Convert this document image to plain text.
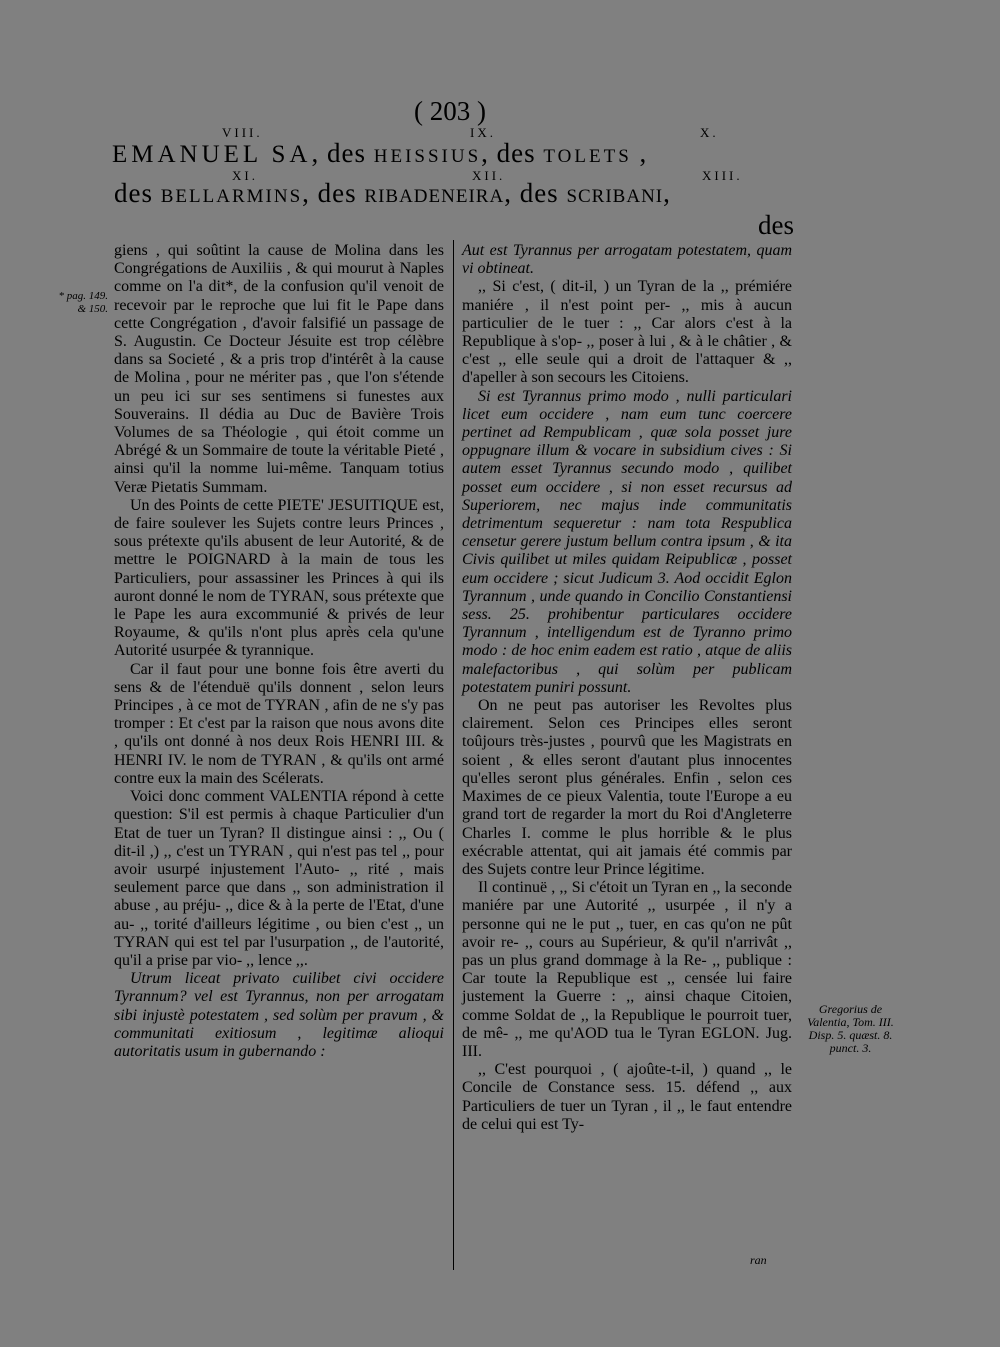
( 203 )
VIII.	IX.	X.
EMANUEL SA, des HEISSIUS, des TOLETS ,
XI.	XII.	XIII.
des BELLARMINS, des RIBADENEIRA, des SCRIBANI,
des
* pag. 149. & 150.
Gregorius de Valentia, Tom. III. Disp. 5. quæst. 8. punct. 3.

giens , qui soûtint la cause de Molina dans les Congrégations de Auxiliis , & qui mourut à Naples comme on l'a dit*, de la confusion qu'il venoit de recevoir par le reproche que lui fit le Pape dans cette Congrégation , d'avoir falsifié un passage de S. Augustin. Ce Docteur Jésuite est trop célèbre dans sa Societé , & a pris trop d'intérêt à la cause de Molina , pour ne mériter pas , que l'on s'étende un peu ici sur ses sentimens si funestes aux Souverains. Il dédia au Duc de Bavière Trois Volumes de sa Théologie , qui étoit comme un Abrégé & un Sommaire de toute la véritable Pieté , ainsi qu'il la nomme lui-même. Tanquam totius Veræ Pietatis Summam.

Un des Points de cette PIETE' JESUITIQUE est, de faire soulever les Sujets contre leurs Princes , sous prétexte qu'ils abusent de leur Autorité, & de mettre le POIGNARD à la main de tous les Particuliers, pour assassiner les Princes à qui ils auront donné le nom de TYRAN, sous prétexte que le Pape les aura excommunié & privés de leur Royaume, & qu'ils n'ont plus après cela qu'une Autorité usurpée & tyrannique.

Car il faut pour une bonne fois être averti du sens & de l'étenduë qu'ils donnent , selon leurs Principes , à ce mot de TYRAN , afin de ne s'y pas tromper : Et c'est par la raison que nous avons dite , qu'ils ont donné à nos deux Rois HENRI III. & HENRI IV. le nom de TYRAN , & qu'ils ont armé contre eux la main des Scélerats.

Voici donc comment VALENTIA répond à cette question: S'il est permis à chaque Particulier d'un Etat de tuer un Tyran? Il distingue ainsi : ,, Ou ( dit-il ,) ,, c'est un TYRAN , qui n'est pas tel ,, pour avoir usurpé injustement l'Auto- ,, rité , mais seulement parce que dans ,, son administration il abuse , au préju- ,, dice & à la perte de l'Etat, d'une au- ,, torité d'ailleurs légitime , ou bien c'est ,, un TYRAN qui est tel par l'usurpation ,, de l'autorité, qu'il a prise par vio- ,, lence ,,.

Utrum liceat privato cuilibet civi occidere Tyrannum? vel est Tyrannus, non per arrogatam sibi injustè potestatem , sed solùm per pravum , & communitati exitiosum , legitimæ alioqui autoritatis usum in gubernando :

Aut est Tyrannus per arrogatam potestatem, quam vi obtineat.

,, Si c'est, ( dit-il, ) un Tyran de la ,, prémiére maniére , il n'est point per- ,, mis à aucun particulier de le tuer : ,, Car alors c'est à la Republique à s'op- ,, poser à lui , & à le châtier , & c'est ,, elle seule qui a droit de l'attaquer & ,, d'apeller à son secours les Citoiens.

Si est Tyrannus primo modo , nulli particulari licet eum occidere , nam eum tunc coercere pertinet ad Rempublicam , quæ sola posset jure oppugnare illum & vocare in subsidium cives : Si autem esset Tyrannus secundo modo , quilibet posset eum occidere , si non esset recursus ad Superiorem, nec majus inde communitatis detrimentum sequeretur : nam tota Respublica censetur gerere justum bellum contra ipsum , & ita Civis quilibet ut miles quidam Reipublicæ , posset eum occidere ; sicut Judicum 3. Aod occidit Eglon Tyrannum , unde quando in Concilio Constantiensi sess. 25. prohibentur particulares occidere Tyrannum , intelligendum est de Tyranno primo modo : de hoc enim eadem est ratio , atque de aliis malefactoribus , qui solùm per publicam potestatem puniri possunt.

On ne peut pas autoriser les Revoltes plus clairement. Selon ces Principes elles seront toûjours très-justes , pourvû que les Magistrats en soient , & elles seront d'autant plus innocentes qu'elles seront plus générales. Enfin , selon ces Maximes de ce pieux Valentia, toute l'Europe a eu grand tort de regarder la mort du Roi d'Angleterre Charles I. comme le plus horrible & le plus exécrable attentat, qui ait jamais été commis par des Sujets contre leur Prince légitime.

Il continuë , ,, Si c'étoit un Tyran en ,, la seconde maniére par une Autorité ,, usurpée , il n'y a personne qui ne le put ,, tuer, en cas qu'on ne pût avoir re- ,, cours au Supérieur, & qu'il n'arrivât ,, pas un plus grand dommage à la Re- ,, publique : Car toute la Republique est ,, censée lui faire justement la Guerre : ,, ainsi chaque Citoien, comme Soldat de ,, la Republique le pourroit tuer, de mê- ,, me qu'AOD tua le Tyran EGLON. Jug. III.

,, C'est pourquoi , ( ajoûte-t-il, ) quand ,, le Concile de Constance sess. 15. défend ,, aux Particuliers de tuer un Tyran , il ,, le faut entendre de celui qui est Ty-

ran
